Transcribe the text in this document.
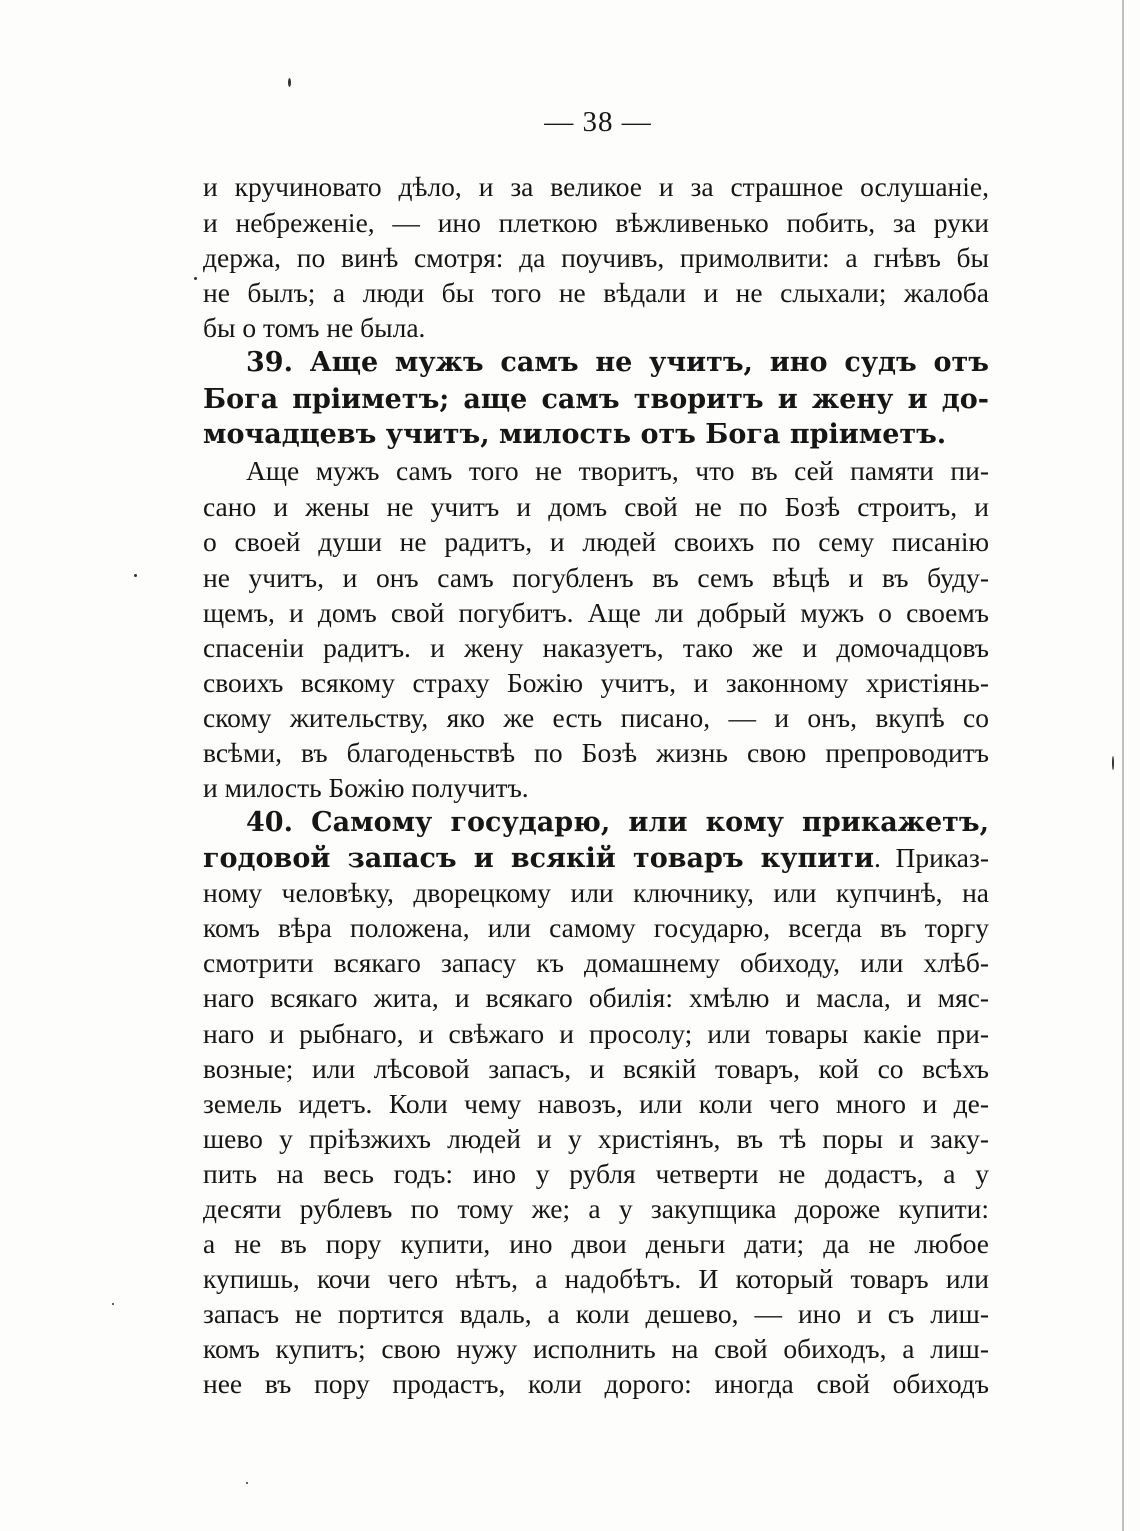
— 38 —
и кручиновато дѣло, и за великое и за страшное ослушаніе,
и небреженіе, — ино плеткою вѣжливенько побить, за руки
держа, по винѣ смотря: да поучивъ, примолвити: а гнѣвъ бы
не былъ; а люди бы того не вѣдали и не слыхали; жалоба
бы о томъ не была.
39. Аще мужъ самъ не учитъ, ино судъ отъ
Бога пріиметъ; аще самъ творитъ и жену и до-
мочадцевъ учитъ, милость отъ Бога пріиметъ.
Аще мужъ самъ того не творитъ, что въ сей памяти пи-
сано и жены не учитъ и домъ свой не по Бозѣ строитъ, и
о своей души не радитъ, и людей своихъ по сему писанію
не учитъ, и онъ самъ погубленъ въ семъ вѣцѣ и въ буду-
щемъ, и домъ свой погубитъ. Аще ли добрый мужъ о своемъ
спасеніи радитъ. и жену наказуетъ, тако же и домочадцовъ
своихъ всякому страху Божію учитъ, и законному христіянь-
скому жительству, яко же есть писано, — и онъ, вкупѣ со
всѣми, въ благоденьствѣ по Бозѣ жизнь свою препроводитъ
и милость Божію получитъ.
40. Самому государю, или кому прикажетъ,
годовой запасъ и всякій товаръ купити. Приказ-
ному человѣку, дворецкому или ключнику, или купчинѣ, на
комъ вѣра положена, или самому государю, всегда въ торгу
смотрити всякаго запасу къ домашнему обиходу, или хлѣб-
наго всякаго жита, и всякаго обилія: хмѣлю и масла, и мяс-
наго и рыбнаго, и свѣжаго и просолу; или товары какіе при-
возные; или лѣсовой запасъ, и всякій товаръ, кой со всѣхъ
земель идетъ. Коли чему навозъ, или коли чего много и де-
шево у пріѣзжихъ людей и у христіянъ, въ тѣ поры и заку-
пить на весь годъ: ино у рубля четверти не додастъ, а у
десяти рублевъ по тому же; а у закупщика дороже купити:
а не въ пору купити, ино двои деньги дати; да не любое
купишь, кочи чего нѣтъ, а надобѣтъ. И который товаръ или
запасъ не портится вдаль, а коли дешево, — ино и съ лиш-
комъ купитъ; свою нужу исполнить на свой обиходъ, а лиш-
нее въ пору продастъ, коли дорого: иногда свой обиходъ
